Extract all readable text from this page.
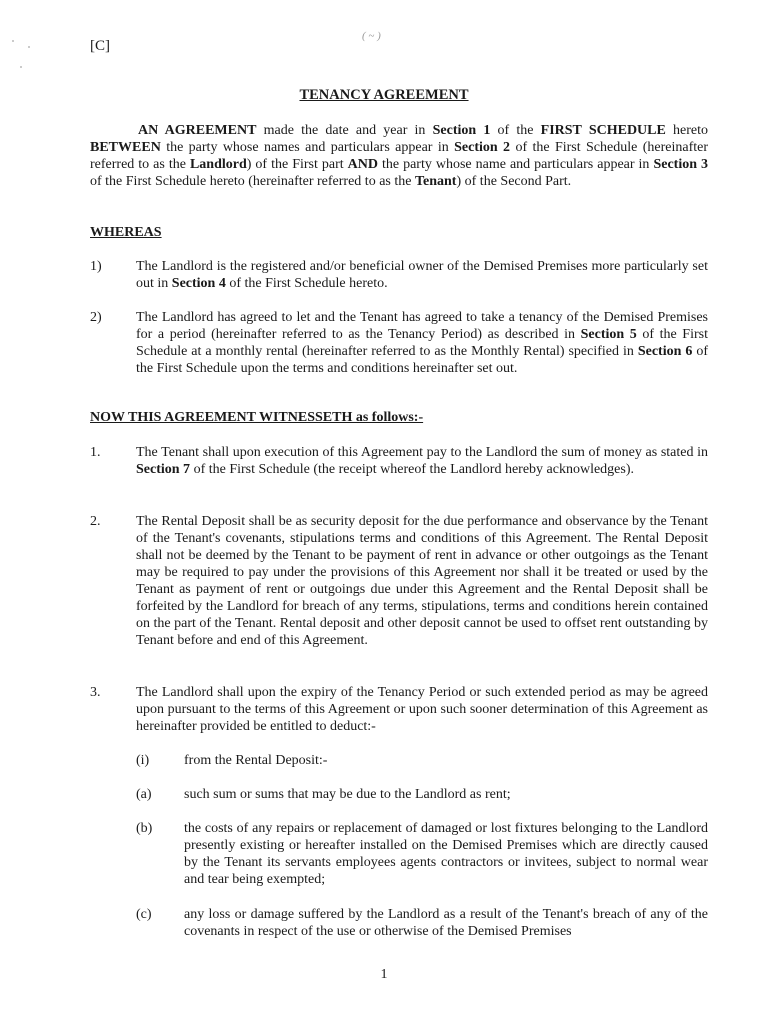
[C]
( ~ )
TENANCY AGREEMENT
AN AGREEMENT made the date and year in Section 1 of the FIRST SCHEDULE hereto BETWEEN the party whose names and particulars appear in Section 2 of the First Schedule (hereinafter referred to as the Landlord) of the First part AND the party whose name and particulars appear in Section 3 of the First Schedule hereto (hereinafter referred to as the Tenant) of the Second Part.
WHEREAS
1) The Landlord is the registered and/or beneficial owner of the Demised Premises more particularly set out in Section 4 of the First Schedule hereto.
2) The Landlord has agreed to let and the Tenant has agreed to take a tenancy of the Demised Premises for a period (hereinafter referred to as the Tenancy Period) as described in Section 5 of the First Schedule at a monthly rental (hereinafter referred to as the Monthly Rental) specified in Section 6 of the First Schedule upon the terms and conditions hereinafter set out.
NOW THIS AGREEMENT WITNESSETH as follows:-
1.	The Tenant shall upon execution of this Agreement pay to the Landlord the sum of money as stated in Section 7 of the First Schedule (the receipt whereof the Landlord hereby acknowledges).
2.	The Rental Deposit shall be as security deposit for the due performance and observance by the Tenant of the Tenant's covenants, stipulations terms and conditions of this Agreement. The Rental Deposit shall not be deemed by the Tenant to be payment of rent in advance or other outgoings as the Tenant may be required to pay under the provisions of this Agreement nor shall it be treated or used by the Tenant as payment of rent or outgoings due under this Agreement and the Rental Deposit shall be forfeited by the Landlord for breach of any terms, stipulations, terms and conditions herein contained on the part of the Tenant. Rental deposit and other deposit cannot be used to offset rent outstanding by Tenant before and end of this Agreement.
3.	The Landlord shall upon the expiry of the Tenancy Period or such extended period as may be agreed upon pursuant to the terms of this Agreement or upon such sooner determination of this Agreement as hereinafter provided be entitled to deduct:-
(i) from the Rental Deposit:-
(a) such sum or sums that may be due to the Landlord as rent;
(b) the costs of any repairs or replacement of damaged or lost fixtures belonging to the Landlord presently existing or hereafter installed on the Demised Premises which are directly caused by the Tenant its servants employees agents contractors or invitees, subject to normal wear and tear being exempted;
(c) any loss or damage suffered by the Landlord as a result of the Tenant's breach of any of the covenants in respect of the use or otherwise of the Demised Premises
1
